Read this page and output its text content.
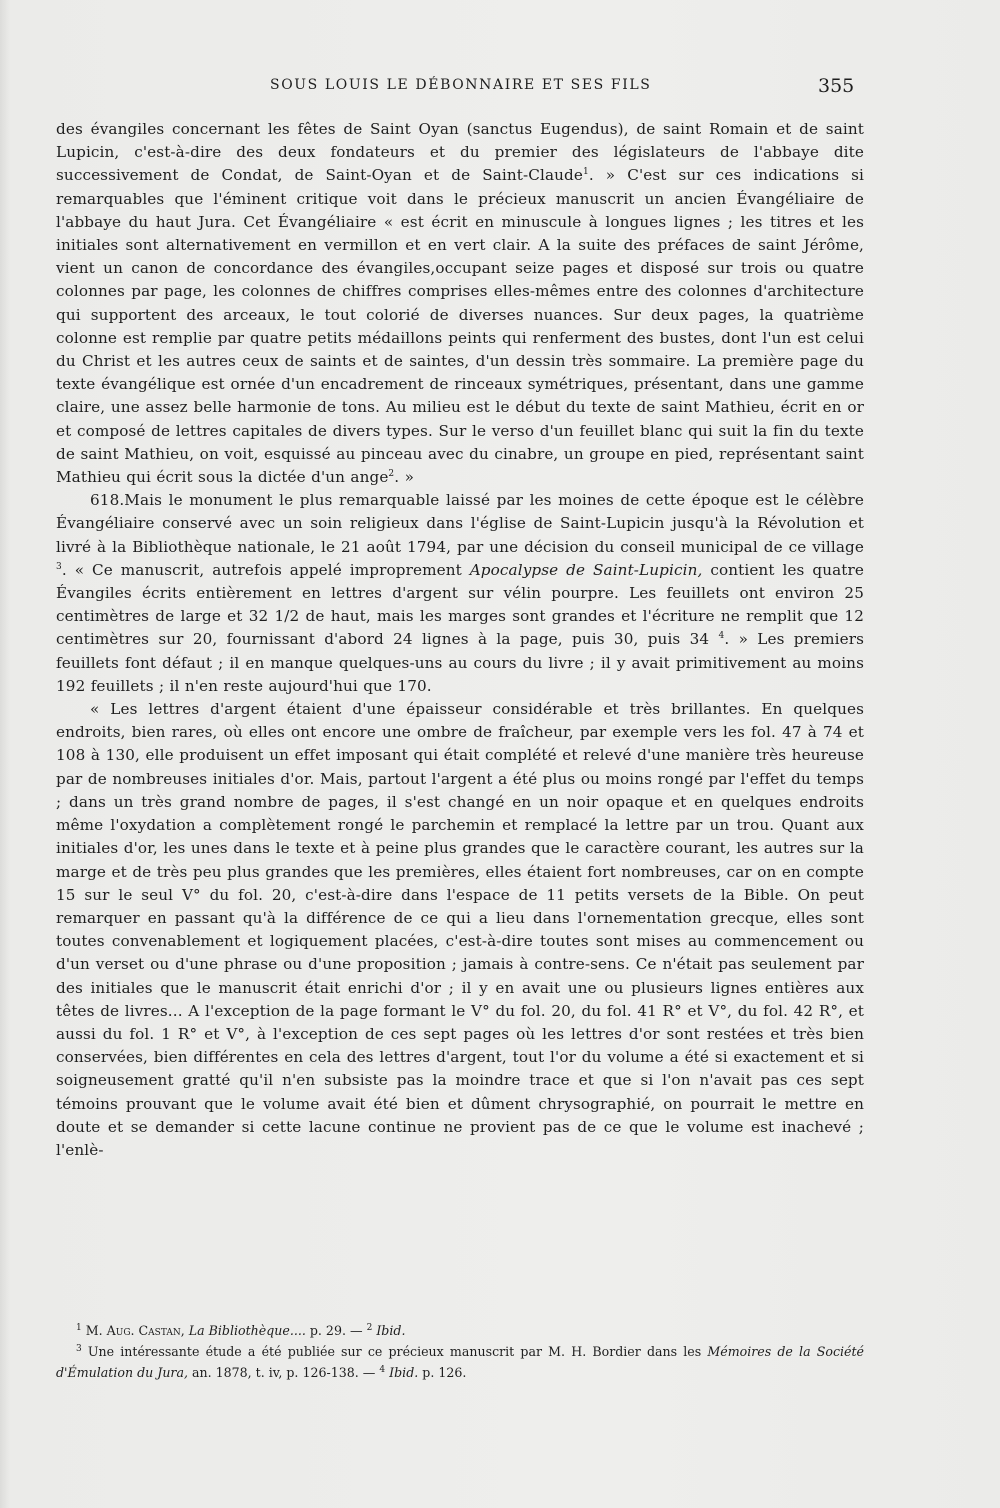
SOUS LOUIS LE DÉBONNAIRE ET SES FILS	355

des évangiles concernant les fêtes de Saint Oyan (sanctus Eugendus), de saint Romain et de saint Lupicin, c'est-à-dire des deux fondateurs et du premier des législateurs de l'abbaye dite successivement de Condat, de Saint-Oyan et de Saint-Claude$^1$. » C'est sur ces indications si remarquables que l'éminent critique voit dans le précieux manuscrit un ancien Évangéliaire de l'abbaye du haut Jura. Cet Évangéliaire « est écrit en minuscule à longues lignes ; les titres et les initiales sont alternativement en vermillon et en vert clair. A la suite des préfaces de saint Jérôme, vient un canon de concordance des évangiles,occupant seize pages et disposé sur trois ou quatre colonnes par page, les colonnes de chiffres comprises elles-mêmes entre des colonnes d'architecture qui supportent des arceaux, le tout colorié de diverses nuances. Sur deux pages, la quatrième colonne est remplie par quatre petits médaillons peints qui renferment des bustes, dont l'un est celui du Christ et les autres ceux de saints et de saintes, d'un dessin très sommaire. La première page du texte évangélique est ornée d'un encadrement de rinceaux symétriques, présentant, dans une gamme claire, une assez belle harmonie de tons. Au milieu est le début du texte de saint Mathieu, écrit en or et composé de lettres capitales de divers types. Sur le verso d'un feuillet blanc qui suit la fin du texte de saint Mathieu, on voit, esquissé au pinceau avec du cinabre, un groupe en pied, représentant saint Mathieu qui écrit sous la dictée d'un ange$^2$. »

618.Mais le monument le plus remarquable laissé par les moines de cette époque est le célèbre Évangéliaire conservé avec un soin religieux dans l'église de Saint-Lupicin jusqu'à la Révolution et livré à la Bibliothèque nationale, le 21 août 1794, par une décision du conseil municipal de ce village $^3$. « Ce manuscrit, autrefois appelé improprement Apocalypse de Saint-Lupicin, contient les quatre Évangiles écrits entièrement en lettres d'argent sur vélin pourpre. Les feuillets ont environ 25 centimètres de large et 32 1/2 de haut, mais les marges sont grandes et l'écriture ne remplit que 12 centimètres sur 20, fournissant d'abord 24 lignes à la page, puis 30, puis 34 $^4$. » Les premiers feuillets font défaut ; il en manque quelques-uns au cours du livre ; il y avait primitivement au moins 192 feuillets ; il n'en reste aujourd'hui que 170.

« Les lettres d'argent étaient d'une épaisseur considérable et très brillantes. En quelques endroits, bien rares, où elles ont encore une ombre de fraîcheur, par exemple vers les fol. 47 à 74 et 108 à 130, elle produisent un effet imposant qui était complété et relevé d'une manière très heureuse par de nombreuses initiales d'or. Mais, partout l'argent a été plus ou moins rongé par l'effet du temps ; dans un très grand nombre de pages, il s'est changé en un noir opaque et en quelques endroits même l'oxydation a complètement rongé le parchemin et remplacé la lettre par un trou. Quant aux initiales d'or, les unes dans le texte et à peine plus grandes que le caractère courant, les autres sur la marge et de très peu plus grandes que les premières, elles étaient fort nombreuses, car on en compte 15 sur le seul V° du fol. 20, c'est-à-dire dans l'espace de 11 petits versets de la Bible. On peut remarquer en passant qu'à la différence de ce qui a lieu dans l'ornementation grecque, elles sont toutes convenablement et logiquement placées, c'est-à-dire toutes sont mises au commencement ou d'un verset ou d'une phrase ou d'une proposition ; jamais à contre-sens. Ce n'était pas seulement par des initiales que le manuscrit était enrichi d'or ; il y en avait une ou plusieurs lignes entières aux têtes de livres... A l'exception de la page formant le V° du fol. 20, du fol. 41 R° et V°, du fol. 42 R°, et aussi du fol. 1 R° et V°, à l'exception de ces sept pages où les lettres d'or sont restées et très bien conservées, bien différentes en cela des lettres d'argent, tout l'or du volume a été si exactement et si soigneusement gratté qu'il n'en subsiste pas la moindre trace et que si l'on n'avait pas ces sept témoins prouvant que le volume avait été bien et dûment chrysographié, on pourrait le mettre en doute et se demander si cette lacune continue ne provient pas de ce que le volume est inachevé ; l'enlè-

$^1$ M. Aug. Castan, La Bibliothèque.... p. 29. — $^2$ Ibid.

$^3$ Une intéressante étude a été publiée sur ce précieux manuscrit par M. H. Bordier dans les Mémoires de la Société d'Émulation du Jura, an. 1878, t. iv, p. 126-138. — $^4$ Ibid. p. 126.
